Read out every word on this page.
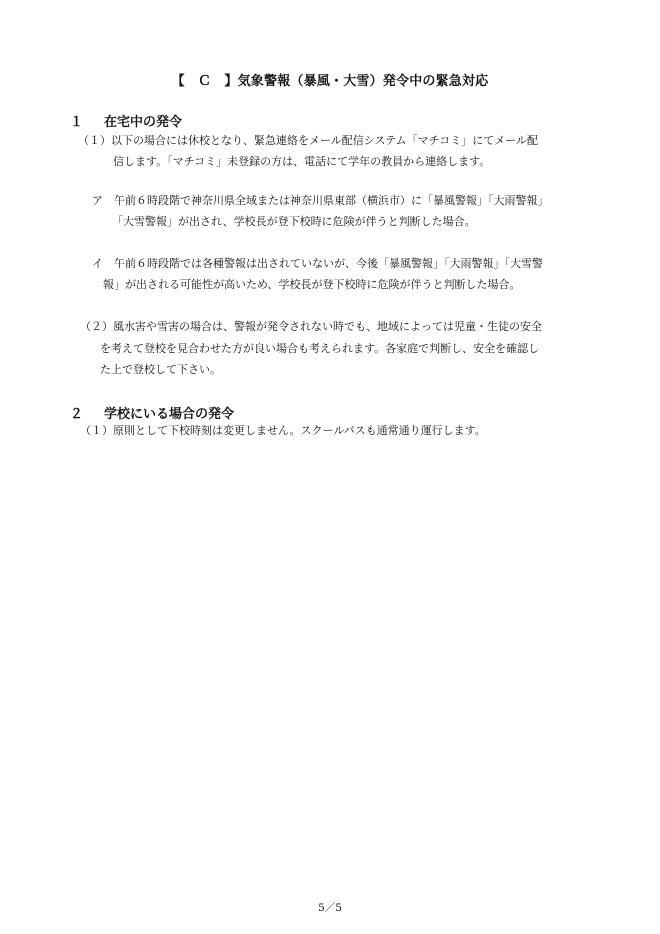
【　Ｃ　】気象警報（暴風・大雪）発令中の緊急対応
１ 在宅中の発令
（１）以下の場合には休校となり、緊急連絡をメール配信システム「マチコミ」にてメール配
信します。「マチコミ」未登録の方は、電話にて学年の教員から連絡します。
ア　午前６時段階で神奈川県全域または神奈川県東部（横浜市）に「暴風警報」「大雨警報」
「大雪警報」が出され、学校長が登下校時に危険が伴うと判断した場合。
イ　午前６時段階では各種警報は出されていないが、今後「暴風警報」「大雨警報」「大雪警
報」が出される可能性が高いため、学校長が登下校時に危険が伴うと判断した場合。
（２）風水害や雪害の場合は、警報が発令されない時でも、地域によっては児童・生徒の安全
を考えて登校を見合わせた方が良い場合も考えられます。各家庭で判断し、安全を確認し
た上で登校して下さい。
２ 学校にいる場合の発令
（１）原則として下校時刻は変更しません。スクールバスも通常通り運行します。
5／5
